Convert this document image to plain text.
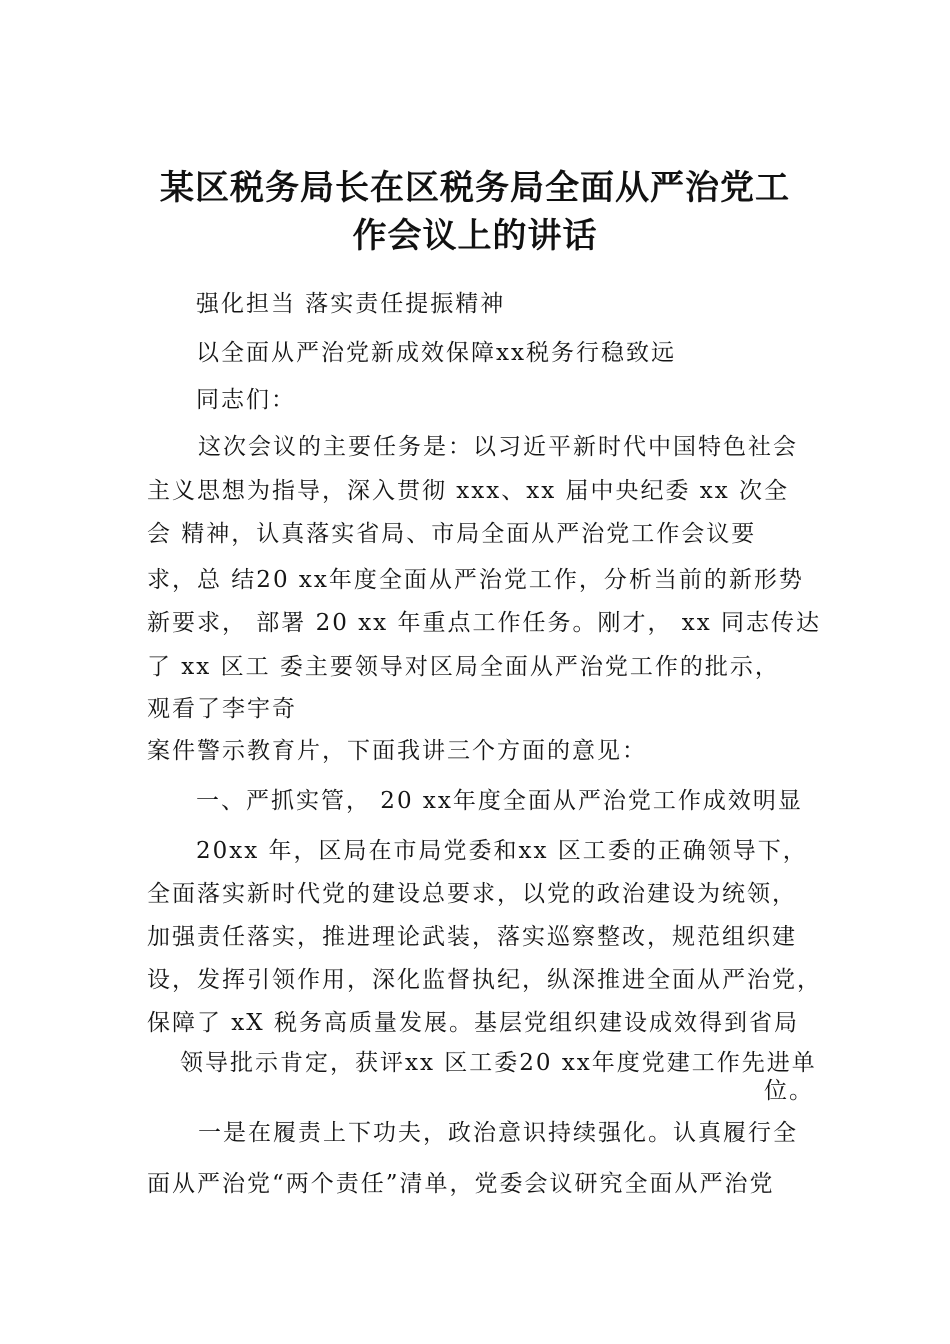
某区税务局长在区税务局全面从严治党工
作会议上的讲话
强化担当 落实责任提振精神
以全面从严治党新成效保障xx税务行稳致远
同志们：
这次会议的主要任务是：以习近平新时代中国特色社会
主义思想为指导，深入贯彻 xxx、xx 届中央纪委 xx 次全
会 精神，认真落实省局、市局全面从严治党工作会议要
求，总 结20 xx年度全面从严治党工作，分析当前的新形势
新要求， 部署 20 xx 年重点工作任务。刚才， xx 同志传达
了 xx 区工 委主要领导对区局全面从严治党工作的批示，
观看了李宇奇
案件警示教育片，下面我讲三个方面的意见：
一、严抓实管， 20 xx年度全面从严治党工作成效明显
20xx 年，区局在市局党委和xx 区工委的正确领导下，
全面落实新时代党的建设总要求，以党的政治建设为统领，
加强责任落实，推进理论武装，落实巡察整改，规范组织建
设，发挥引领作用，深化监督执纪，纵深推进全面从严治党，
保障了 xX 税务高质量发展。基层党组织建设成效得到省局
领导批示肯定，获评xx 区工委20 xx年度党建工作先进单
位。
一是在履责上下功夫，政治意识持续强化。认真履行全
面从严治党“两个责任”清单，党委会议研究全面从严治党
